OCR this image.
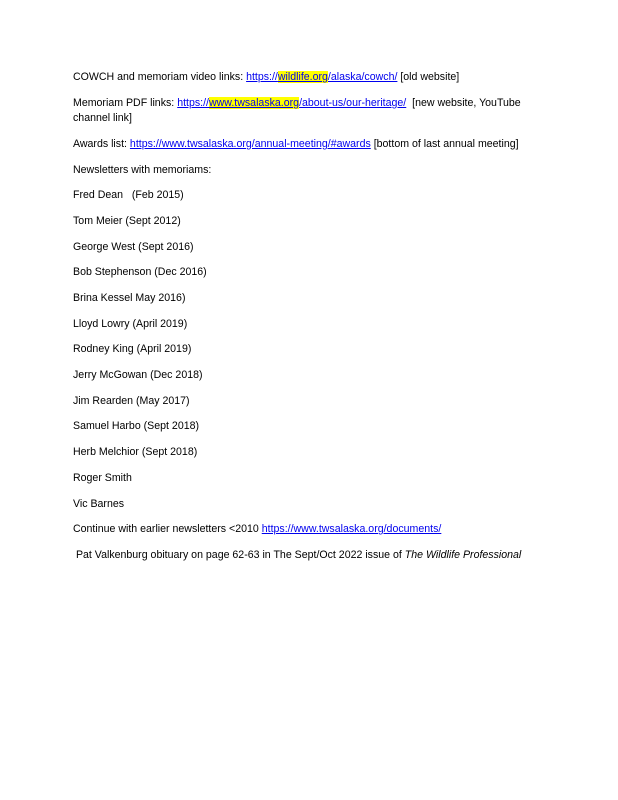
COWCH and memoriam video links: https://wildlife.org/alaska/cowch/ [old website]

Memoriam PDF links: https://www.twsalaska.org/about-us/our-heritage/  [new website, YouTube channel link]

Awards list: https://www.twsalaska.org/annual-meeting/#awards [bottom of last annual meeting]

Newsletters with memoriams:

Fred Dean   (Feb 2015)

Tom Meier (Sept 2012)

George West (Sept 2016)

Bob Stephenson (Dec 2016)

Brina Kessel May 2016)

Lloyd Lowry (April 2019)

Rodney King (April 2019)

Jerry McGowan (Dec 2018)

Jim Rearden (May 2017)

Samuel Harbo (Sept 2018)

Herb Melchior (Sept 2018)

Roger Smith

Vic Barnes

Continue with earlier newsletters <2010 https://www.twsalaska.org/documents/

Pat Valkenburg obituary on page 62-63 in The Sept/Oct 2022 issue of The Wildlife Professional
